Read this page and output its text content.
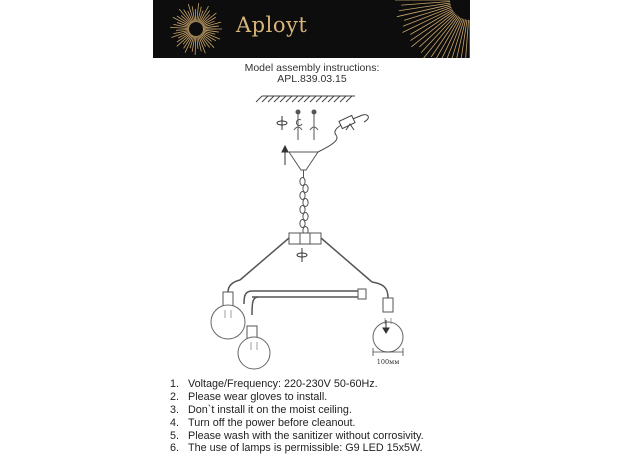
Aployt
Model assembly instructions:
APL.839.03.15
100мм
1. Voltage/Frequency: 220-230V 50-60Hz.
2. Please wear gloves to install.
3. Don`t install it on the moist ceiling.
4. Turn off the power before cleanout.
5. Please wash with the sanitizer without corrosivity.
6. The use of lamps is permissible: G9 LED 15x5W.
